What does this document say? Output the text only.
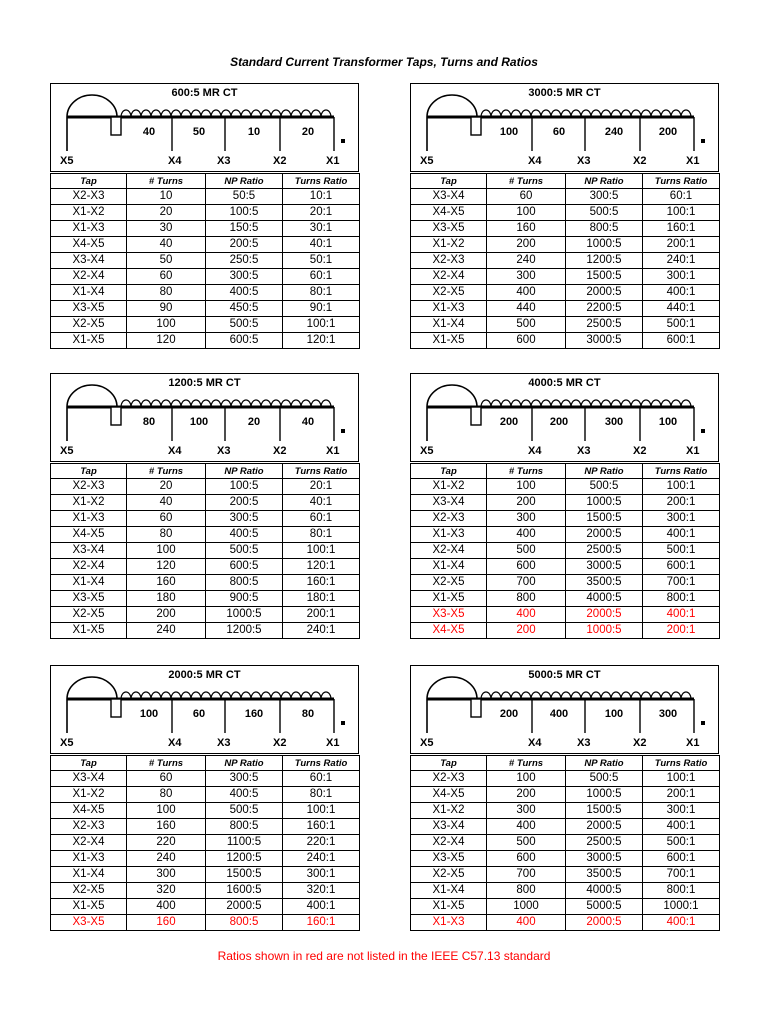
Standard Current Transformer Taps, Turns and Ratios
600:5 MR CT
40	50	10	20
X5	X4	X3	X2	X1
Tap	# Turns	NP Ratio	Turns Ratio
X2-X3	10	50:5	10:1
X1-X2	20	100:5	20:1
X1-X3	30	150:5	30:1
X4-X5	40	200:5	40:1
X3-X4	50	250:5	50:1
X2-X4	60	300:5	60:1
X1-X4	80	400:5	80:1
X3-X5	90	450:5	90:1
X2-X5	100	500:5	100:1
X1-X5	120	600:5	120:1
3000:5 MR CT
100	60	240	200
X5	X4	X3	X2	X1
Tap	# Turns	NP Ratio	Turns Ratio
X3-X4	60	300:5	60:1
X4-X5	100	500:5	100:1
X3-X5	160	800:5	160:1
X1-X2	200	1000:5	200:1
X2-X3	240	1200:5	240:1
X2-X4	300	1500:5	300:1
X2-X5	400	2000:5	400:1
X1-X3	440	2200:5	440:1
X1-X4	500	2500:5	500:1
X1-X5	600	3000:5	600:1
1200:5 MR CT
80	100	20	40
X5	X4	X3	X2	X1
Tap	# Turns	NP Ratio	Turns Ratio
X2-X3	20	100:5	20:1
X1-X2	40	200:5	40:1
X1-X3	60	300:5	60:1
X4-X5	80	400:5	80:1
X3-X4	100	500:5	100:1
X2-X4	120	600:5	120:1
X1-X4	160	800:5	160:1
X3-X5	180	900:5	180:1
X2-X5	200	1000:5	200:1
X1-X5	240	1200:5	240:1
4000:5 MR CT
200	200	300	100
X5	X4	X3	X2	X1
Tap	# Turns	NP Ratio	Turns Ratio
X1-X2	100	500:5	100:1
X3-X4	200	1000:5	200:1
X2-X3	300	1500:5	300:1
X1-X3	400	2000:5	400:1
X2-X4	500	2500:5	500:1
X1-X4	600	3000:5	600:1
X2-X5	700	3500:5	700:1
X1-X5	800	4000:5	800:1
X3-X5	400	2000:5	400:1
X4-X5	200	1000:5	200:1
2000:5 MR CT
100	60	160	80
X5	X4	X3	X2	X1
Tap	# Turns	NP Ratio	Turns Ratio
X3-X4	60	300:5	60:1
X1-X2	80	400:5	80:1
X4-X5	100	500:5	100:1
X2-X3	160	800:5	160:1
X2-X4	220	1100:5	220:1
X1-X3	240	1200:5	240:1
X1-X4	300	1500:5	300:1
X2-X5	320	1600:5	320:1
X1-X5	400	2000:5	400:1
X3-X5	160	800:5	160:1
5000:5 MR CT
200	400	100	300
X5	X4	X3	X2	X1
Tap	# Turns	NP Ratio	Turns Ratio
X2-X3	100	500:5	100:1
X4-X5	200	1000:5	200:1
X1-X2	300	1500:5	300:1
X3-X4	400	2000:5	400:1
X2-X4	500	2500:5	500:1
X3-X5	600	3000:5	600:1
X2-X5	700	3500:5	700:1
X1-X4	800	4000:5	800:1
X1-X5	1000	5000:5	1000:1
X1-X3	400	2000:5	400:1
Ratios shown in red are not listed in the IEEE C57.13 standard
